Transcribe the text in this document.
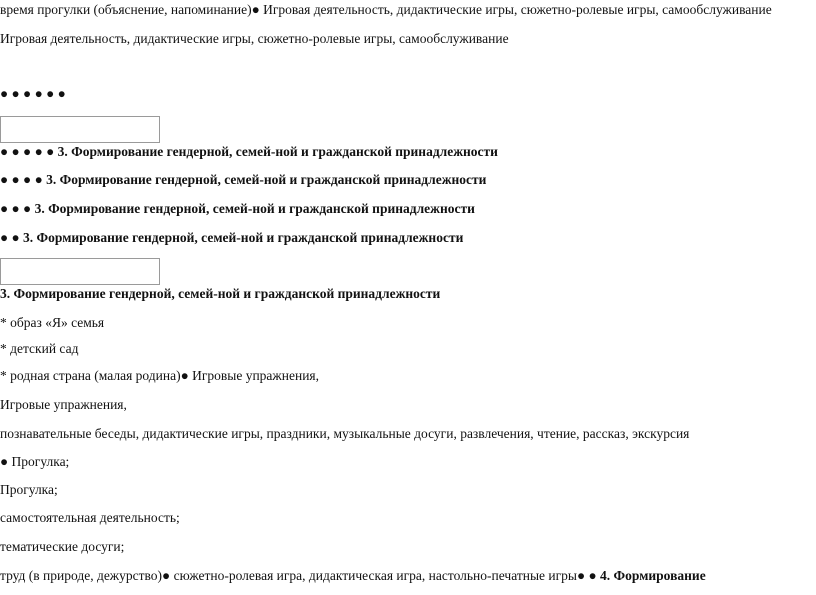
время прогулки (объяснение, напоминание)● Игровая деятельность, дидактические игры, сюжетно-ролевые игры, самообслуживание
Игровая деятельность, дидактические игры, сюжетно-ролевые игры, самообслуживание
● ● ● ● ● ●
● ● ● ● ● 3. Формирование гендерной, семей-ной и гражданской принадлежности
● ● ● ● 3. Формирование гендерной, семей-ной и гражданской принадлежности
● ● ● 3. Формирование гендерной, семей-ной и гражданской принадлежности
● ● 3. Формирование гендерной, семей-ной и гражданской принадлежности
3. Формирование гендерной, семей-ной и гражданской принадлежности
* образ «Я» семья
* детский сад
* родная страна (малая родина)● Игровые упражнения,
Игровые упражнения,
познавательные беседы, дидактические игры, праздники, музыкальные досуги, развлечения, чтение, рассказ, экскурсия
● Прогулка;
Прогулка;
самостоятельная деятельность;
тематические досуги;
труд (в природе, дежурство)● сюжетно-ролевая игра, дидактическая игра, настольно-печатные игры● ● 4. Формирование
